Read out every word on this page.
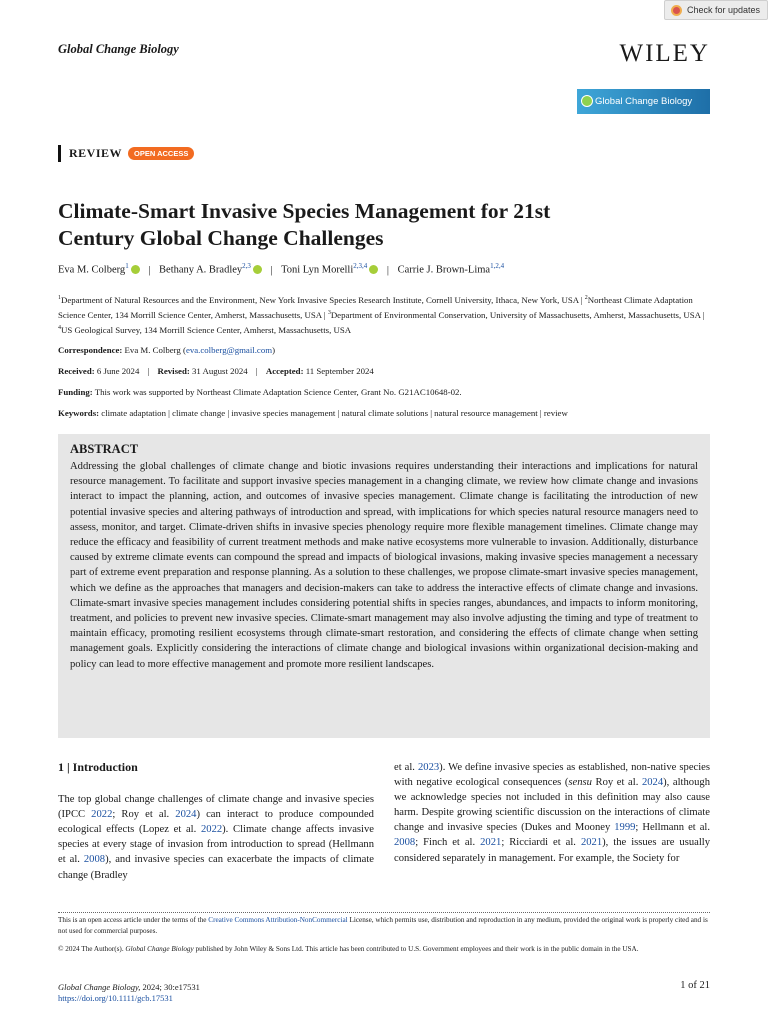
Check for updates
Global Change Biology	WILEY
Global Change Biology
REVIEW	OPEN ACCESS
Climate-Smart Invasive Species Management for 21st
Century Global Change Challenges
Eva M. Colberg$^1$ | Bethany A. Bradley$^{2,3}$ | Toni Lyn Morelli$^{2,3,4}$ | Carrie J. Brown-Lima$^{1,2,4}$
$^1$Department of Natural Resources and the Environment, New York Invasive Species Research Institute, Cornell University, Ithaca, New York, USA | $^2$Northeast Climate Adaptation Science Center, 134 Morrill Science Center, Amherst, Massachusetts, USA | $^3$Department of Environmental Conservation, University of Massachusetts, Amherst, Massachusetts, USA | $^4$US Geological Survey, 134 Morrill Science Center, Amherst, Massachusetts, USA
Correspondence: Eva M. Colberg (eva.colberg@gmail.com)
Received: 6 June 2024 | Revised: 31 August 2024 | Accepted: 11 September 2024
Funding: This work was supported by Northeast Climate Adaptation Science Center, Grant No. G21AC10648-02.
Keywords: climate adaptation | climate change | invasive species management | natural climate solutions | natural resource management | review
ABSTRACT

Addressing the global challenges of climate change and biotic invasions requires understanding their interactions and implications for natural resource management. To facilitate and support invasive species management in a changing climate, we review how climate change and invasions interact to impact the planning, action, and outcomes of invasive species management. Climate change is facilitating the introduction of new potential invasive species and altering pathways of introduction and spread, with implications for which species natural resource managers need to assess, monitor, and target. Climate-driven shifts in invasive species phenology require more flexible management timelines. Climate change may reduce the efficacy and feasibility of current treatment methods and make native ecosystems more vulnerable to invasion. Additionally, disturbance caused by extreme climate events can compound the spread and impacts of biological invasions, making invasive species management a necessary part of extreme event preparation and response planning. As a solution to these challenges, we propose climate-smart invasive species management, which we define as the approaches that managers and decision-makers can take to address the interactive effects of climate change and invasions. Climate-smart invasive species management includes considering potential shifts in species ranges, abundances, and impacts to inform monitoring, treatment, and policies to prevent new invasive species. Climate-smart management may also involve adjusting the timing and type of treatment to maintain efficacy, promoting resilient ecosystems through climate-smart restoration, and considering the effects of climate change when setting management goals. Explicitly considering the interactions of climate change and biological invasions within organizational decision-making and policy can lead to more effective management and promote more resilient landscapes.

1 | Introduction

The top global change challenges of climate change and invasive species (IPCC 2022; Roy et al. 2024) can interact to produce compounded ecological effects (Lopez et al. 2022). Climate change affects invasive species at every stage of invasion from introduction to spread (Hellmann et al. 2008), and invasive species can exacerbate the impacts of climate change (Bradley

et al. 2023). We define invasive species as established, non-native species with negative ecological consequences (sensu Roy et al. 2024), although we acknowledge species not included in this definition may also cause harm. Despite growing scientific discussion on the interactions of climate change and invasive species (Dukes and Mooney 1999; Hellmann et al. 2008; Finch et al. 2021; Ricciardi et al. 2021), the issues are usually considered separately in management. For example, the Society for

This is an open access article under the terms of the Creative Commons Attribution-NonCommercial License, which permits use, distribution and reproduction in any medium, provided the original work is properly cited and is not used for commercial purposes.
© 2024 The Author(s). Global Change Biology published by John Wiley & Sons Ltd. This article has been contributed to U.S. Government employees and their work is in the public domain in the USA.
Global Change Biology, 2024; 30:e17531
https://doi.org/10.1111/gcb.17531
1 of 21
